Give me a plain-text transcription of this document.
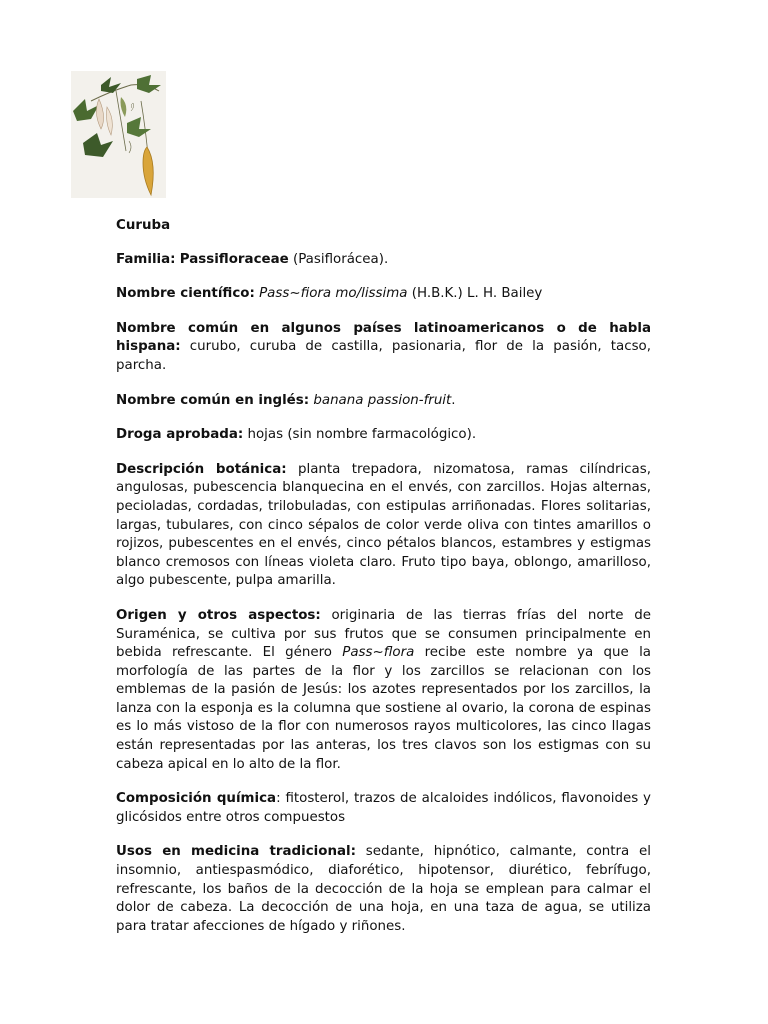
Curuba

Familia: Passifloraceae (Pasiflorácea).

Nombre científico: Pass~fiora mo/lissima (H.B.K.) L. H. Bailey

Nombre común en algunos países latinoamericanos o de habla hispana: curubo, curuba de castilla, pasionaria, flor de la pasión, tacso, parcha.

Nombre común en inglés: banana passion-fruit.

Droga aprobada: hojas (sin nombre farmacológico).

Descripción botánica: planta trepadora, nizomatosa, ramas cilíndricas, angulosas, pubescencia blanquecina en el envés, con zarcillos. Hojas alternas, pecioladas, cordadas, trilobuladas, con estipulas arriñonadas. Flores solitarias, largas, tubulares, con cinco sépalos de color verde oliva con tintes amarillos o rojizos, pubescentes en el envés, cinco pétalos blancos, estambres y estigmas blanco cremosos con líneas violeta claro. Fruto tipo baya, oblongo, amarilloso, algo pubescente, pulpa amarilla.

Origen y otros aspectos: originaria de las tierras frías del norte de Suraménica, se cultiva por sus frutos que se consumen principalmente en bebida refrescante. El género Pass~flora recibe este nombre ya que la morfología de las partes de la flor y los zarcillos se relacionan con los emblemas de la pasión de Jesús: los azotes representados por los zarcillos, la lanza con la esponja es la columna que sostiene al ovario, la corona de espinas es lo más vistoso de la flor con numerosos rayos multicolores, las cinco llagas están representadas por las anteras, los tres clavos son los estigmas con su cabeza apical en lo alto de la flor.

Composición química: fitosterol, trazos de alcaloides indólicos, flavonoides y glicósidos entre otros compuestos

Usos en medicina tradicional: sedante, hipnótico, calmante, contra el insomnio, antiespasmódico, diaforético, hipotensor, diurético, febrífugo, refrescante, los baños de la decocción de la hoja se emplean para calmar el dolor de cabeza. La decocción de una hoja, en una taza de agua, se utiliza para tratar afecciones de hígado y riñones.
